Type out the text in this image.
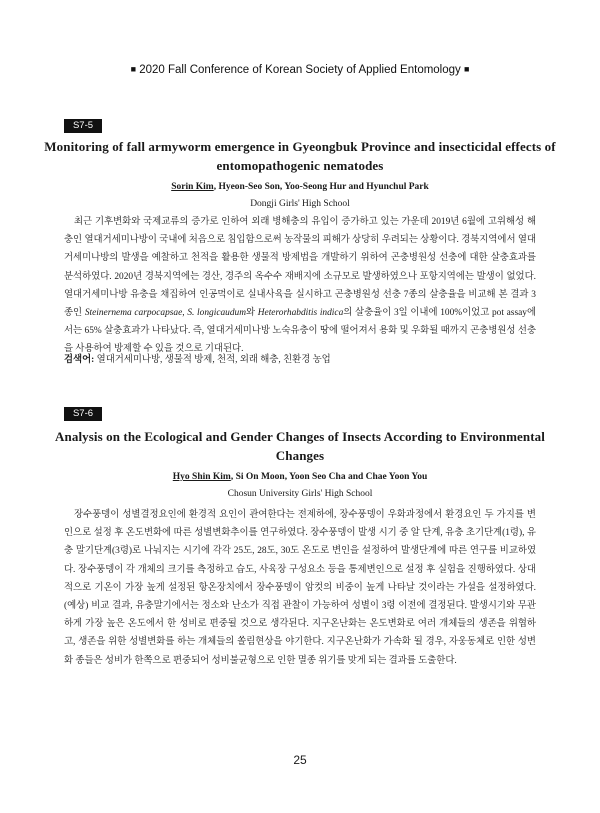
■ 2020 Fall Conference of Korean Society of Applied Entomology ■
S7-5
Monitoring of fall armyworm emergence in Gyeongbuk Province and insecticidal effects of entomopathogenic nematodes
Sorin Kim, Hyeon-Seo Son, Yoo-Seong Hur and Hyunchul Park
Dongji Girls' High School

최근 기후변화와 국제교류의 증가로 인하여 외래 병해충의 유입이 증가하고 있는 가운데 2019년 6월에 고위해성 해충인 열대거세미나방이 국내에 처음으로 침입함으로써 농작물의 피해가 상당히 우려되는 상황이다. 경북지역에서 열대거세미나방의 발생을 예찰하고 천적을 활용한 생물적 방제법을 개발하기 위하여 곤충병원성 선충에 대한 살충효과를 분석하였다. 2020년 경북지역에는 경산, 경주의 옥수수 재배지에 소규모로 발생하였으나 포항지역에는 발생이 없었다. 열대거세미나방 유충을 채집하여 인공먹이로 실내사육을 실시하고 곤충병원성 선충 7종의 살충율을 비교해 본 결과 3종인 Steinernema carpocapsae, S. longicaudum와 Heterorhabditis indica의 살충율이 3일 이내에 100%이었고 pot assay에서는 65% 살충효과가 나타났다. 즉, 열대거세미나방 노숙유충이 땅에 떨어져서 용화 및 우화될 때까지 곤충병원성 선충을 사용하여 방제할 수 있을 것으로 기대된다.

검색어: 열대거세미나방, 생물적 방제, 천적, 외래 해충, 친환경 농업
S7-6
Analysis on the Ecological and Gender Changes of Insects According to Environmental Changes
Hyo Shin Kim, Si On Moon, Yoon Seo Cha and Chae Yoon You
Chosun University Girls' High School

장수풍뎅이 성별결정요인에 환경적 요인이 관여한다는 전제하에, 장수풍뎅이 우화과정에서 환경요인 두 가지를 변인으로 설정 후 온도변화에 따른 성별변화추이를 연구하였다. 장수풍뎅이 발생 시기 중 알 단계, 유충 초기단계(1령), 유충 말기단계(3령)로 나눠지는 시기에 각각 25도, 28도, 30도 온도로 변인을 설정하여 발생단계에 따른 연구를 비교하였다. 장수풍뎅이 각 개체의 크기를 측정하고 습도, 사육장 구성요소 등을 통제변인으로 설정 후 실험을 진행하였다. 상대적으로 기온이 가장 높게 설정된 항온장치에서 장수풍뎅이 암컷의 비중이 높게 나타날 것이라는 가설을 설정하였다. (예상) 비교 결과, 유충말기에서는 정소와 난소가 직접 관찰이 가능하여 성별이 3령 이전에 결정된다. 발생시기와 무관하게 가장 높은 온도에서 한 성비로 편중될 것으로 생각된다. 지구온난화는 온도변화로 여러 개체들의 생존을 위협하고, 생존을 위한 성별변화를 하는 개체들의 쏠림현상을 야기한다. 지구온난화가 가속화 될 경우, 자웅동체로 인한 성변화 종들은 성비가 한쪽으로 편중되어 성비불균형으로 인한 멸종 위기를 맞게 되는 결과를 도출한다.

25
